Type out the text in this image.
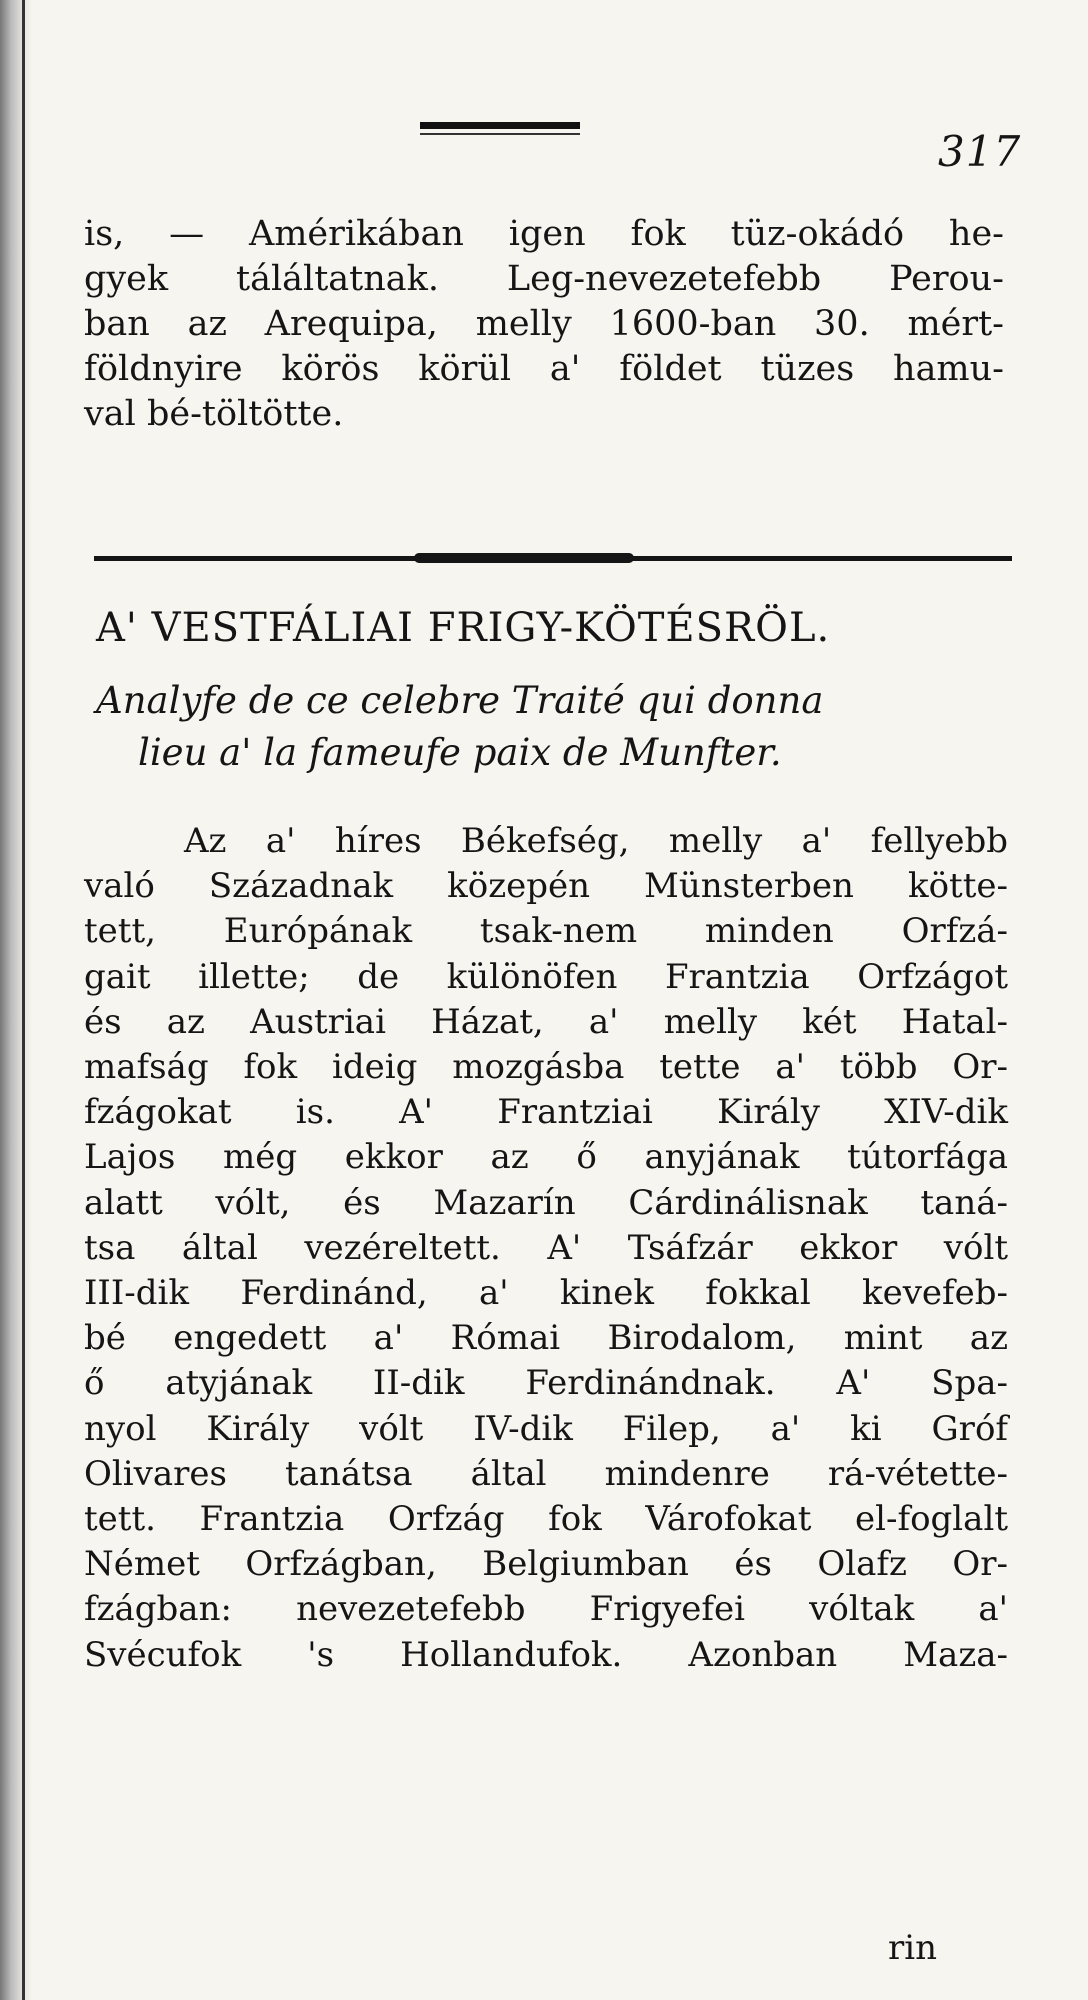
317
is, — Amérikában igen fok tüz-okádó he-
gyek táláltatnak. Leg-nevezetefebb Perou-
ban az Arequipa, melly 1600-ban 30. mért-
földnyire körös körül a' földet tüzes hamu-
val bé-töltötte.
A' VESTFÁLIAI FRIGY-KÖTÉSRÖL.
Analyfe de ce celebre Traité qui donna
lieu a' la fameufe paix de Munfter.
Az a' híres Békefség, melly a' fellyebb
való Századnak közepén Münsterben kötte-
tett, Európának tsak-nem minden Orfzá-
gait illette; de különöfen Frantzia Orfzágot
és az Austriai Házat, a' melly két Hatal-
mafság fok ideig mozgásba tette a' több Or-
fzágokat is. A' Frantziai Király XIV-dik
Lajos még ekkor az ő anyjának tútorfága
alatt vólt, és Mazarín Cárdinálisnak taná-
tsa által vezéreltett. A' Tsáfzár ekkor vólt
III-dik Ferdinánd, a' kinek fokkal kevefeb-
bé engedett a' Római Birodalom, mint az
ő atyjának II-dik Ferdinándnak. A' Spa-
nyol Király vólt IV-dik Filep, a' ki Gróf
Olivares tanátsa által mindenre rá-vétette-
tett. Frantzia Orfzág fok Várofokat el-foglalt
Német Orfzágban, Belgiumban és Olafz Or-
fzágban: nevezetefebb Frigyefei vóltak a'
Svécufok 's Hollandufok. Azonban Maza-
rin
